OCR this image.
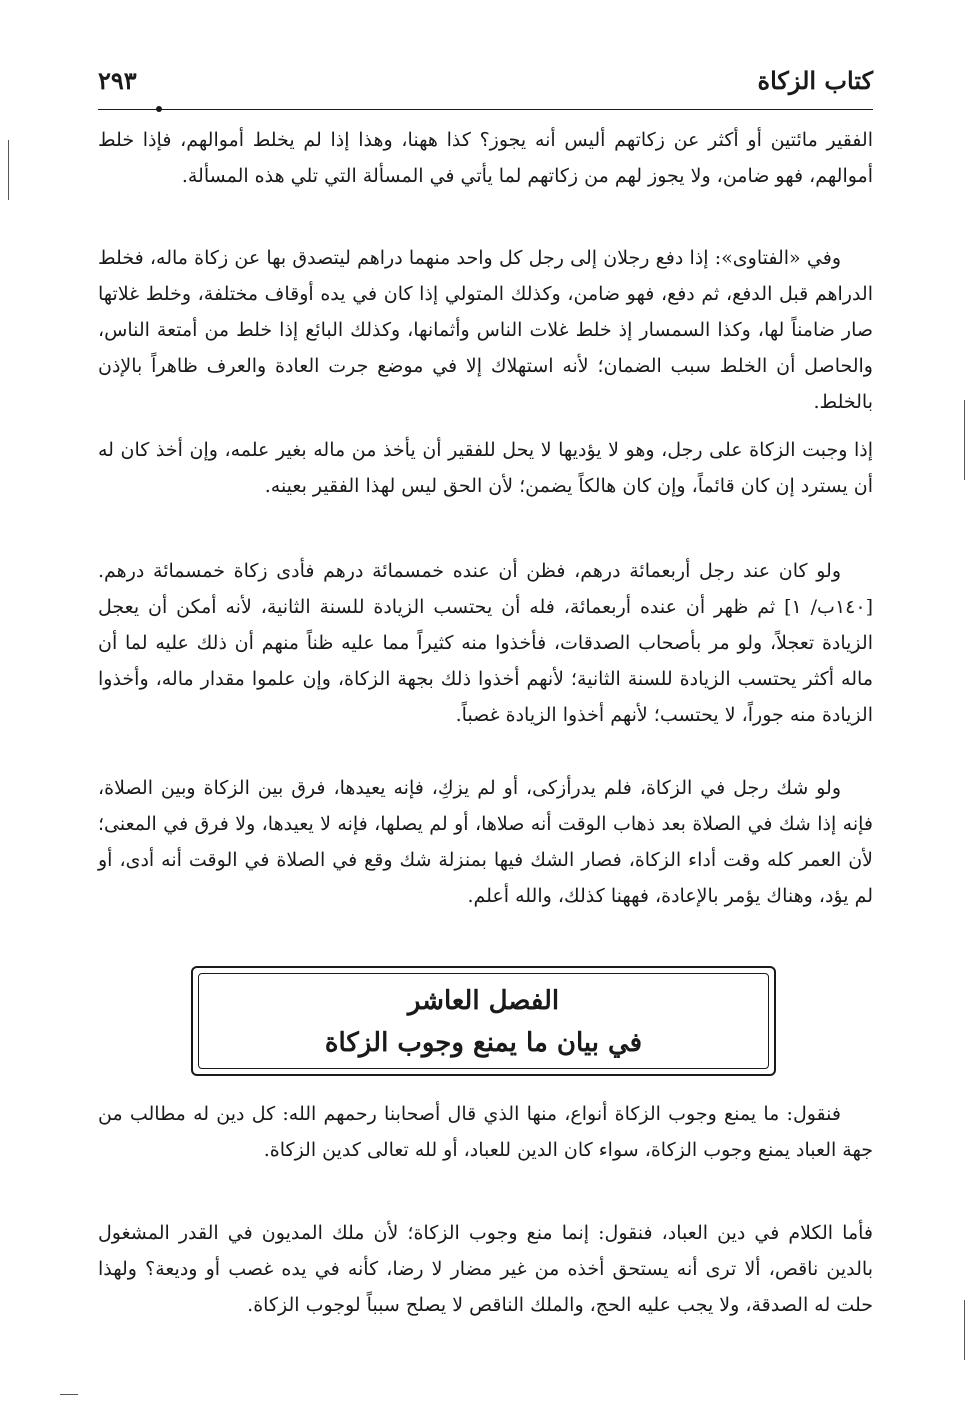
كتاب الزكاة
٢٩٣

الفقير مائتين أو أكثر عن زكاتهم أليس أنه يجوز؟ كذا ههنا، وهذا إذا لم يخلط أموالهم، فإذا خلط أموالهم، فهو ضامن، ولا يجوز لهم من زكاتهم لما يأتي في المسألة التي تلي هذه المسألة.

وفي «الفتاوى»: إذا دفع رجلان إلى رجل كل واحد منهما دراهم ليتصدق بها عن زكاة ماله، فخلط الدراهم قبل الدفع، ثم دفع، فهو ضامن، وكذلك المتولي إذا كان في يده أوقاف مختلفة، وخلط غلاتها صار ضامناً لها، وكذا السمسار إذ خلط غلات الناس وأثمانها، وكذلك البائع إذا خلط من أمتعة الناس، والحاصل أن الخلط سبب الضمان؛ لأنه استهلاك إلا في موضع جرت العادة والعرف ظاهراً بالإذن بالخلط.

إذا وجبت الزكاة على رجل، وهو لا يؤديها لا يحل للفقير أن يأخذ من ماله بغير علمه، وإن أخذ كان له أن يسترد إن كان قائماً، وإن كان هالكاً يضمن؛ لأن الحق ليس لهذا الفقير بعينه.

ولو كان عند رجل أربعمائة درهم، فظن أن عنده خمسمائة درهم فأدى زكاة خمسمائة درهم. [١٤٠ب/ ١] ثم ظهر أن عنده أربعمائة، فله أن يحتسب الزيادة للسنة الثانية، لأنه أمكن أن يعجل الزيادة تعجلاً، ولو مر بأصحاب الصدقات، فأخذوا منه كثيراً مما عليه ظناً منهم أن ذلك عليه لما أن ماله أكثر يحتسب الزيادة للسنة الثانية؛ لأنهم أخذوا ذلك بجهة الزكاة، وإن علموا مقدار ماله، وأخذوا الزيادة منه جوراً، لا يحتسب؛ لأنهم أخذوا الزيادة غصباً.

ولو شك رجل في الزكاة، فلم يدرأزكى، أو لم يزكِ، فإنه يعيدها، فرق بين الزكاة وبين الصلاة، فإنه إذا شك في الصلاة بعد ذهاب الوقت أنه صلاها، أو لم يصلها، فإنه لا يعيدها، ولا فرق في المعنى؛ لأن العمر كله وقت أداء الزكاة، فصار الشك فيها بمنزلة شك وقع في الصلاة في الوقت أنه أدى، أو لم يؤد، وهناك يؤمر بالإعادة، فههنا كذلك، والله أعلم.

الفصل العاشر
في بيان ما يمنع وجوب الزكاة

فنقول: ما يمنع وجوب الزكاة أنواع، منها الذي قال أصحابنا رحمهم الله: كل دين له مطالب من جهة العباد يمنع وجوب الزكاة، سواء كان الدين للعباد، أو لله تعالى كدين الزكاة.

فأما الكلام في دين العباد، فنقول: إنما منع وجوب الزكاة؛ لأن ملك المديون في القدر المشغول بالدين ناقص، ألا ترى أنه يستحق أخذه من غير مضار لا رضا، كأنه في يده غصب أو وديعة؟ ولهذا حلت له الصدقة، ولا يجب عليه الحج، والملك الناقص لا يصلح سبباً لوجوب الزكاة.
